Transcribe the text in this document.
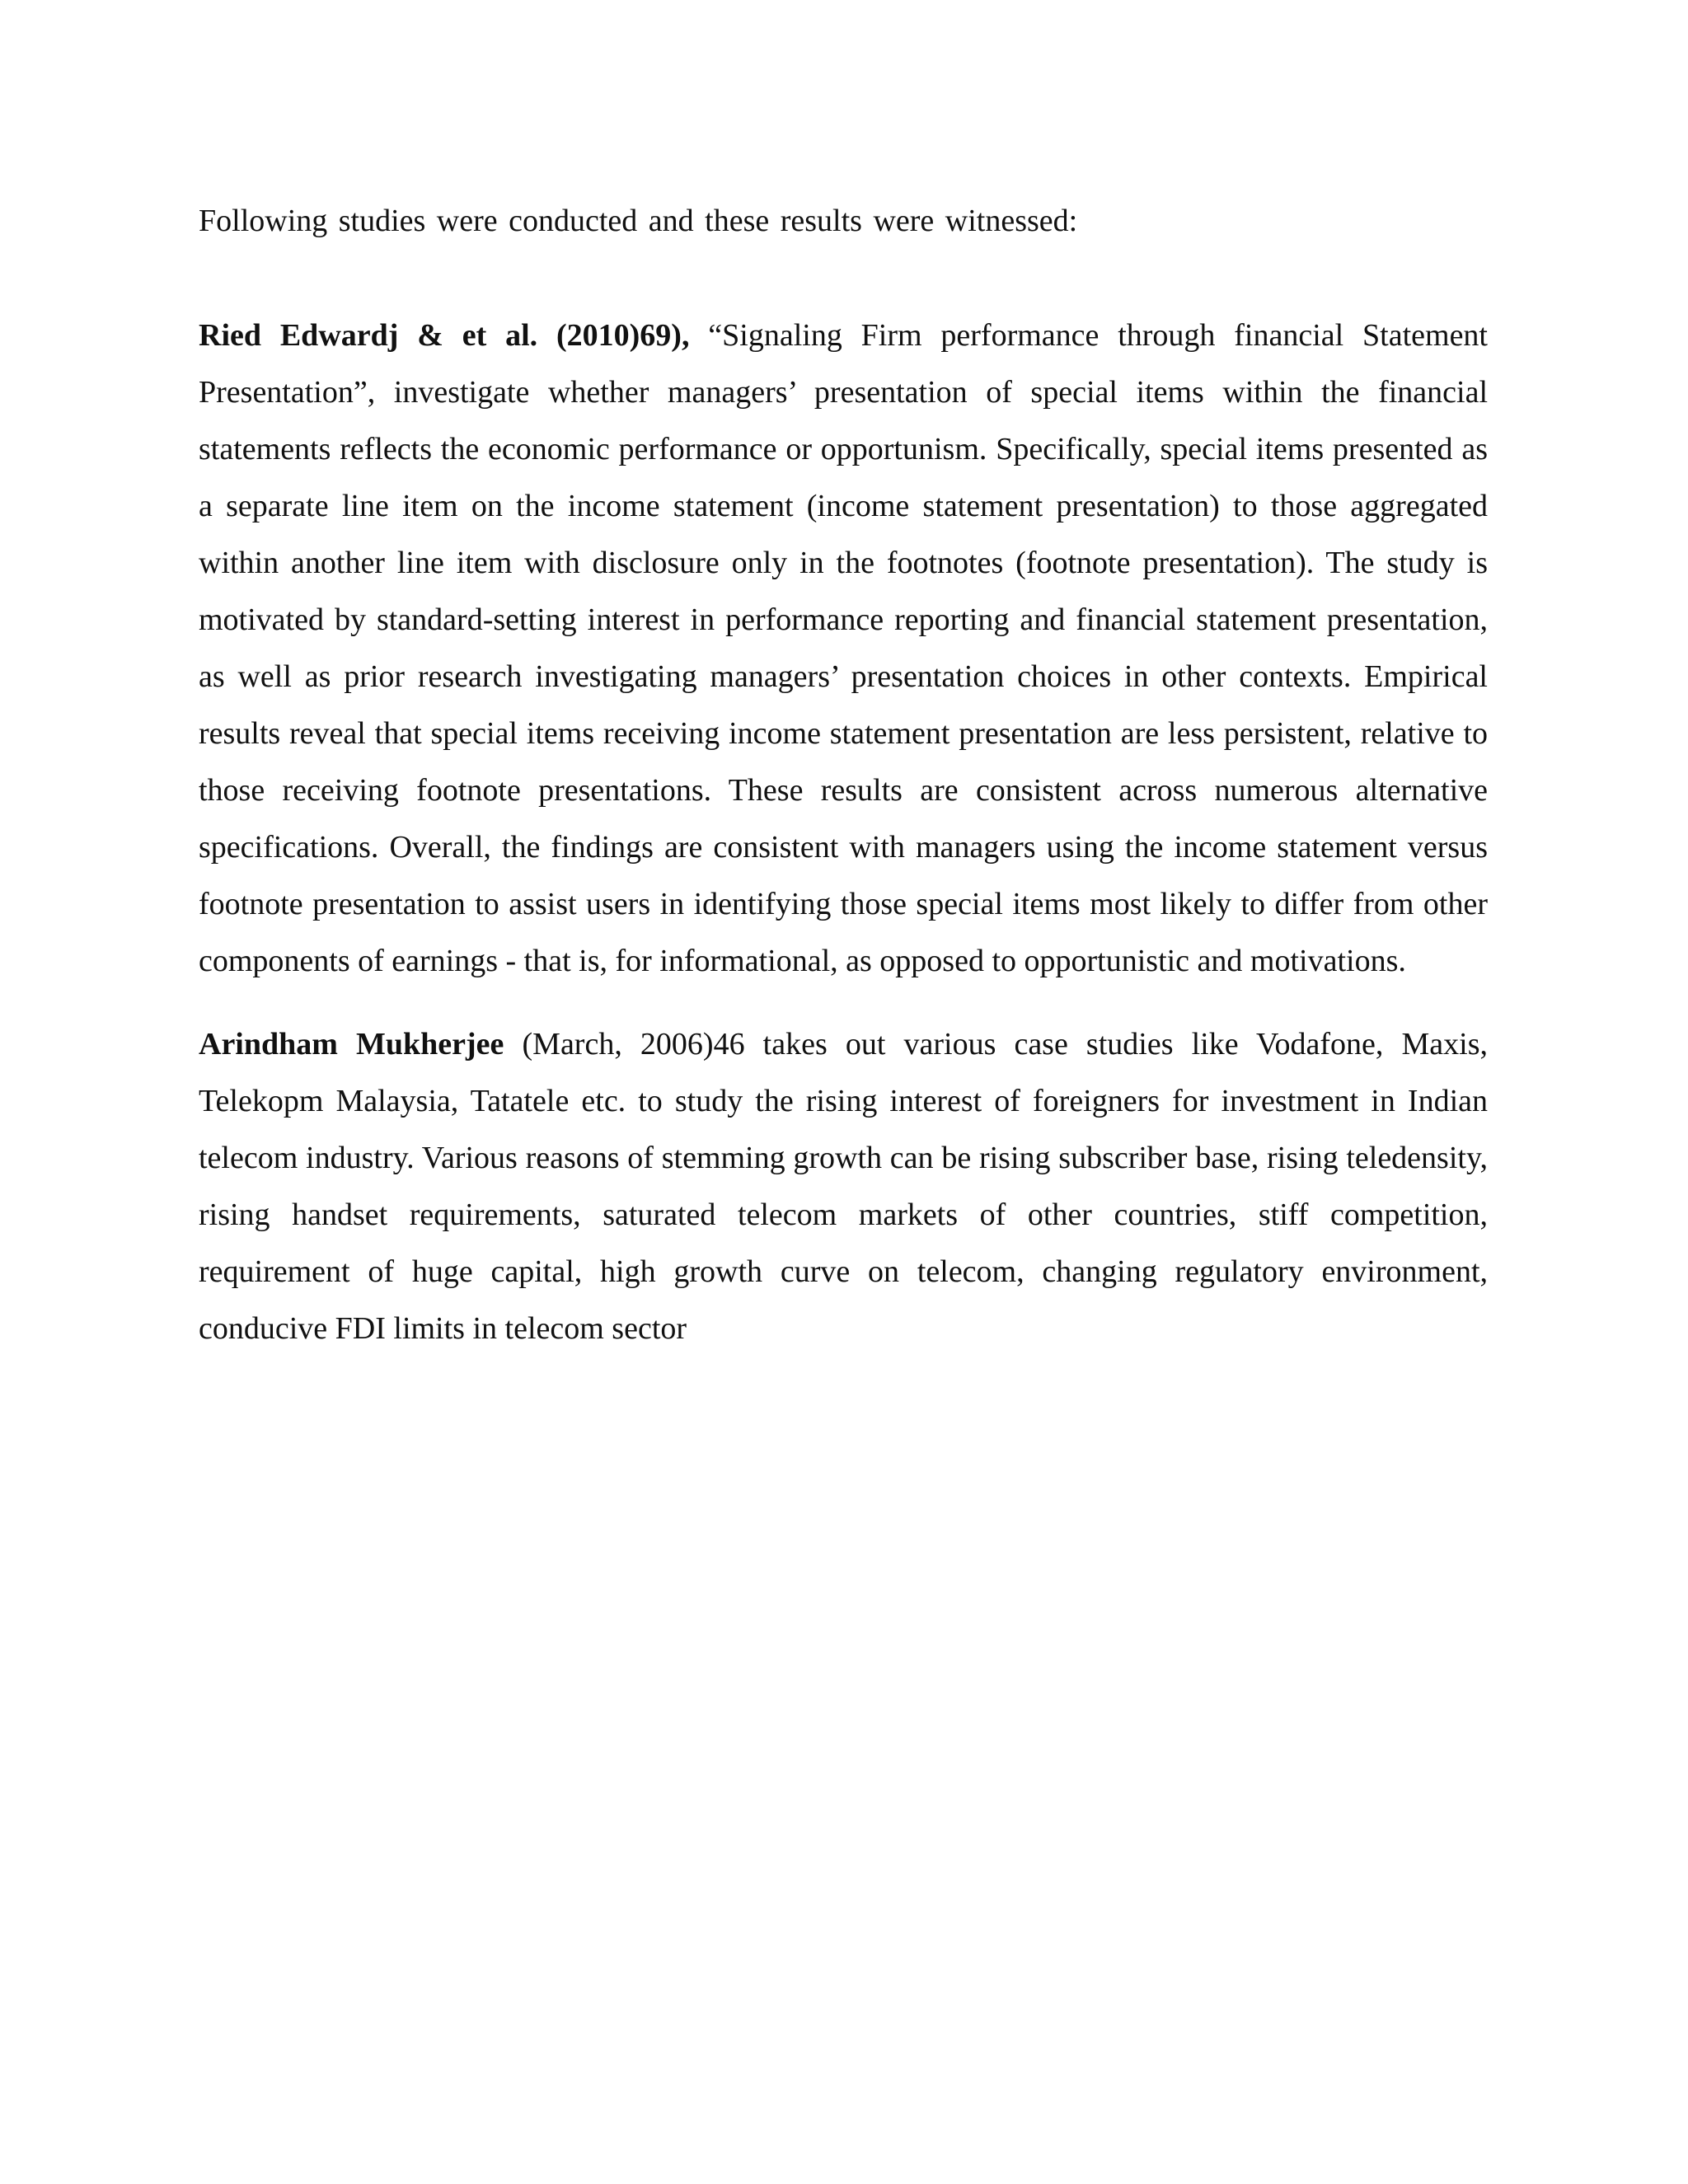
Following studies were conducted and these results were witnessed:

Ried Edwardj & et al. (2010)69), “Signaling Firm performance through financial Statement Presentation”, investigate whether managers’ presentation of special items within the financial statements reflects the economic performance or opportunism. Specifically, special items presented as a separate line item on the income statement (income statement presentation) to those aggregated within another line item with disclosure only in the footnotes (footnote presentation). The study is motivated by standard-setting interest in performance reporting and financial statement presentation, as well as prior research investigating managers’ presentation choices in other contexts. Empirical results reveal that special items receiving income statement presentation are less persistent, relative to those receiving footnote presentations. These results are consistent across numerous alternative specifications. Overall, the findings are consistent with managers using the income statement versus footnote presentation to assist users in identifying those special items most likely to differ from other components of earnings - that is, for informational, as opposed to opportunistic and motivations.

Arindham Mukherjee (March, 2006)46 takes out various case studies like Vodafone, Maxis, Telekopm Malaysia, Tatatele etc. to study the rising interest of foreigners for investment in Indian telecom industry. Various reasons of stemming growth can be rising subscriber base, rising teledensity, rising handset requirements, saturated telecom markets of other countries, stiff competition, requirement of huge capital, high growth curve on telecom, changing regulatory environment, conducive FDI limits in telecom sector
